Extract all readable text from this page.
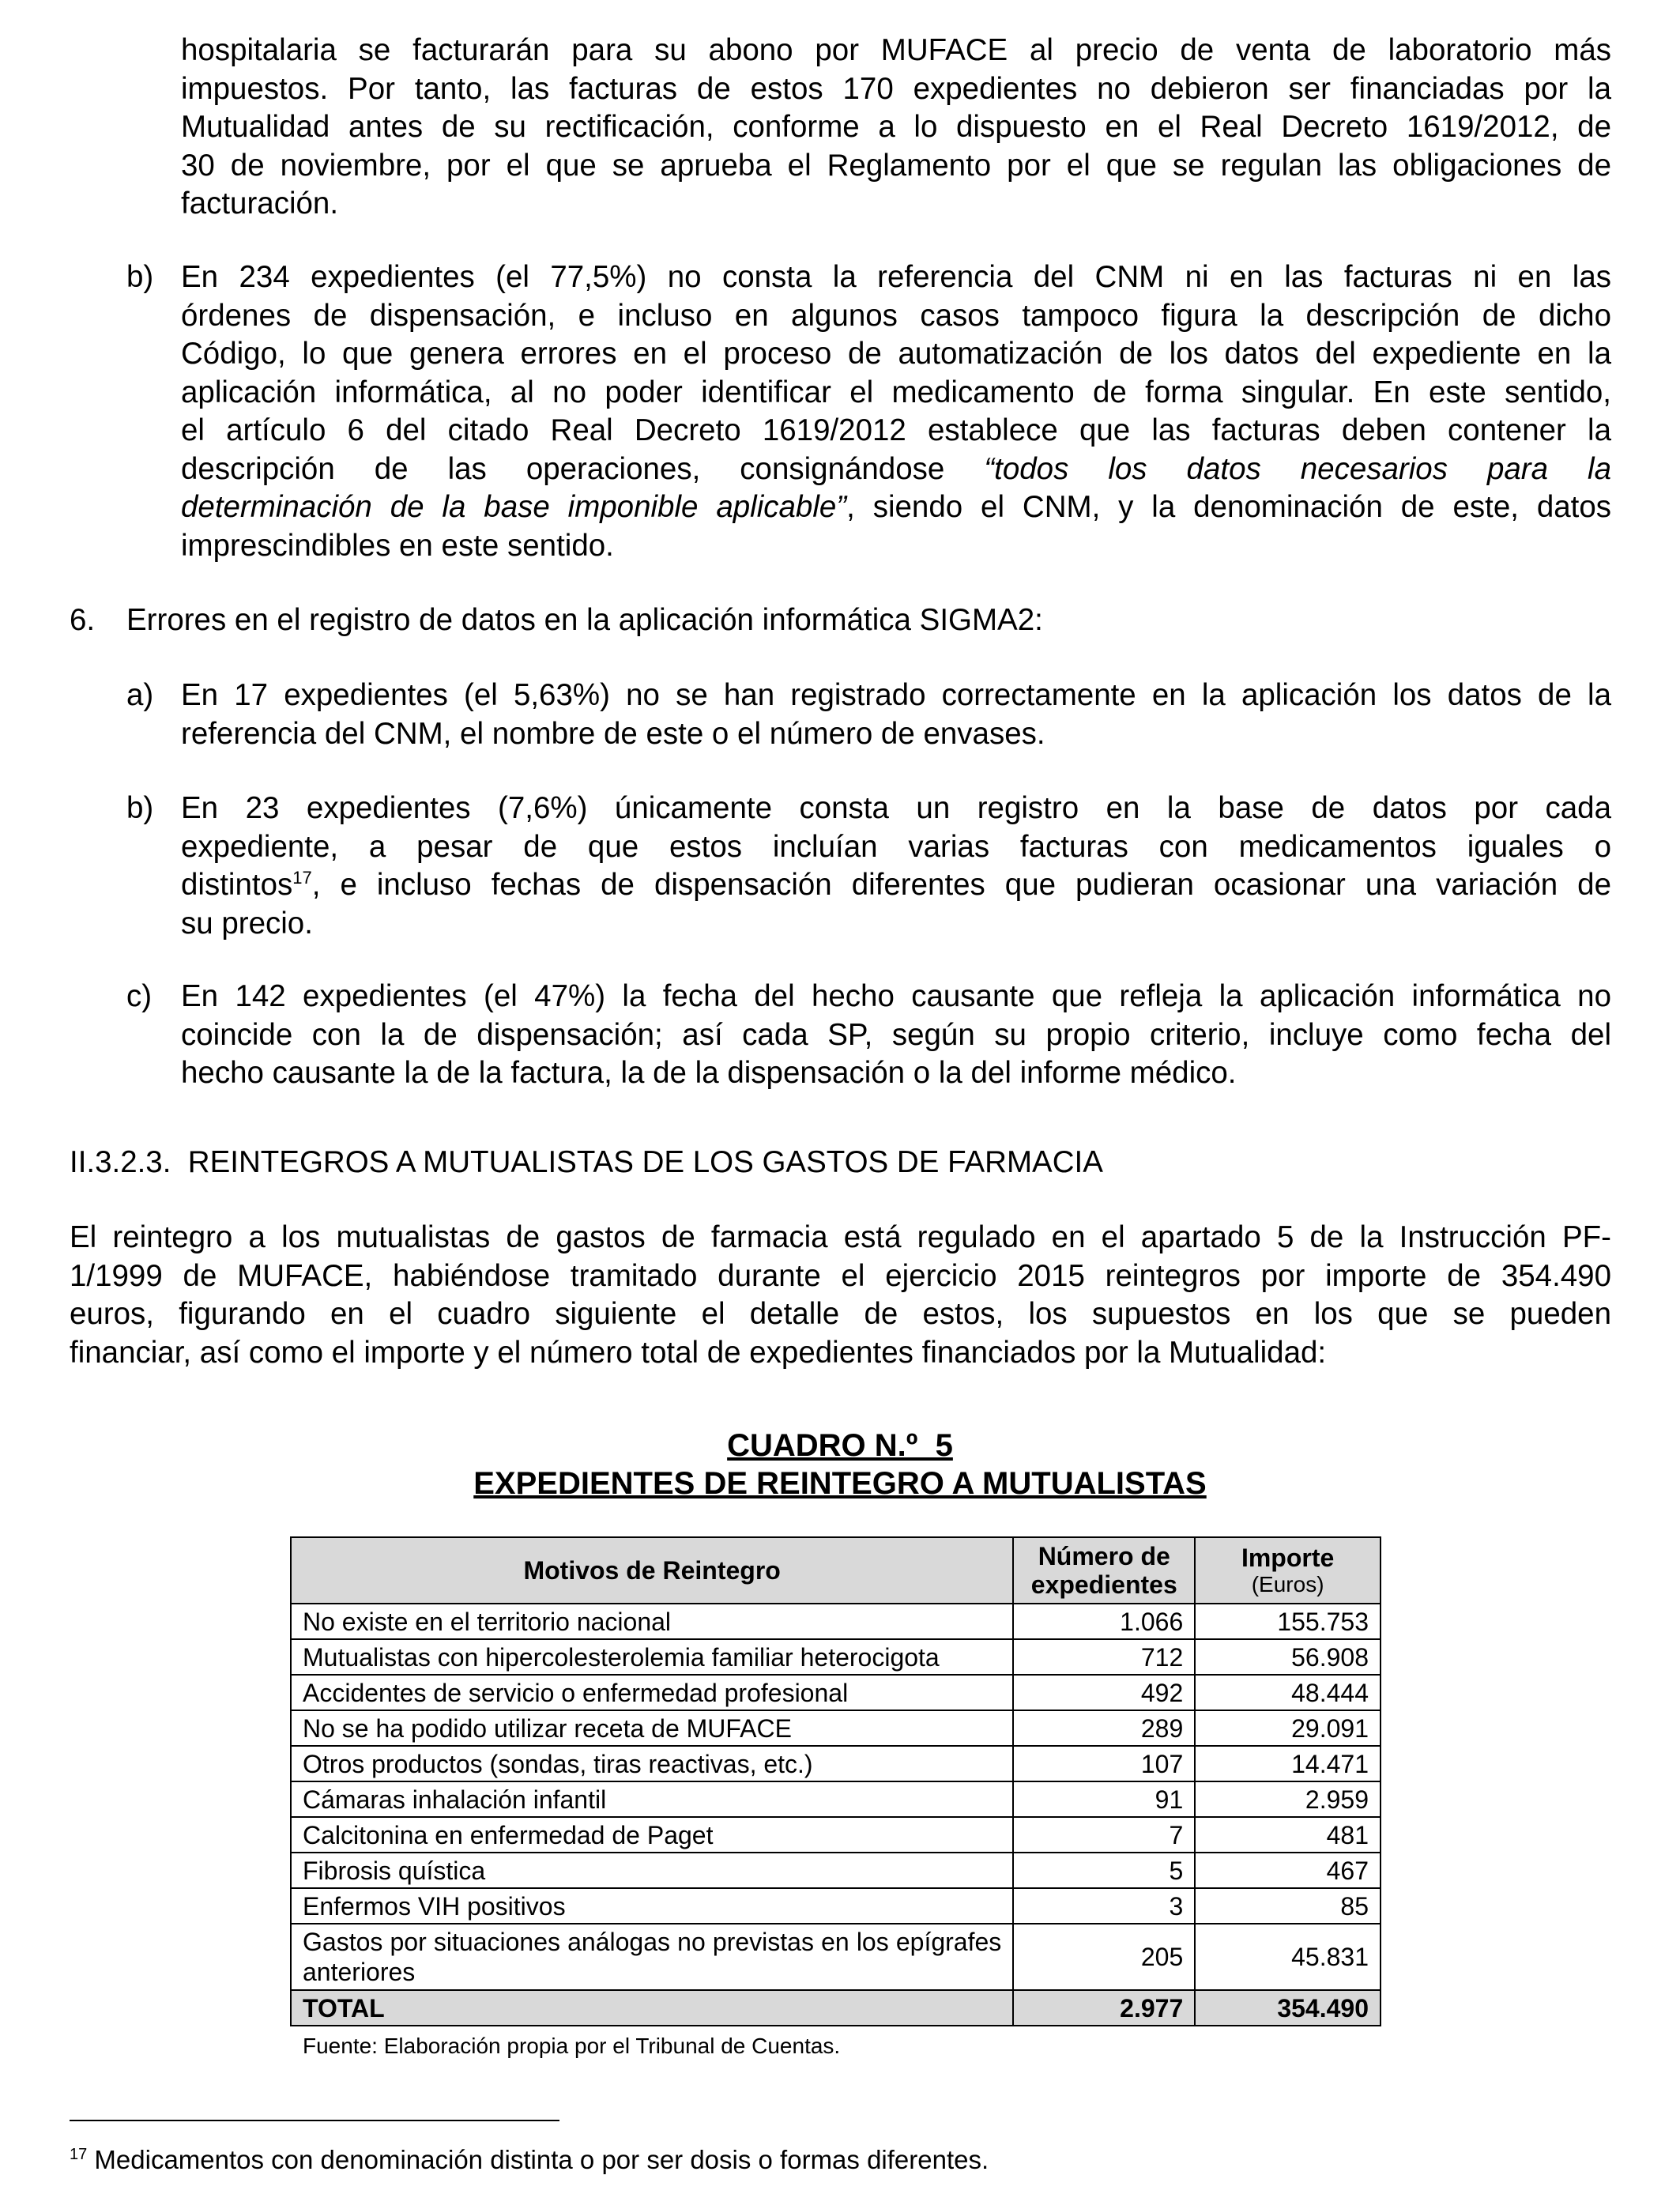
hospitalaria se facturarán para su abono por MUFACE al precio de venta de laboratorio más
impuestos. Por tanto, las facturas de estos 170 expedientes no debieron ser financiadas por la
Mutualidad antes de su rectificación, conforme a lo dispuesto en el Real Decreto 1619/2012, de
30 de noviembre, por el que se aprueba el Reglamento por el que se regulan las obligaciones de
facturación.
b) En 234 expedientes (el 77,5%) no consta la referencia del CNM ni en las facturas ni en las
órdenes de dispensación, e incluso en algunos casos tampoco figura la descripción de dicho
Código, lo que genera errores en el proceso de automatización de los datos del expediente en la
aplicación informática, al no poder identificar el medicamento de forma singular. En este sentido,
el artículo 6 del citado Real Decreto 1619/2012 establece que las facturas deben contener la
descripción de las operaciones, consignándose “todos los datos necesarios para la
determinación de la base imponible aplicable”, siendo el CNM, y la denominación de este, datos
imprescindibles en este sentido.
6. Errores en el registro de datos en la aplicación informática SIGMA2:
a) En 17 expedientes (el 5,63%) no se han registrado correctamente en la aplicación los datos de la
referencia del CNM, el nombre de este o el número de envases.
b) En 23 expedientes (7,6%) únicamente consta un registro en la base de datos por cada
expediente, a pesar de que estos incluían varias facturas con medicamentos iguales o
distintos$^{17}$, e incluso fechas de dispensación diferentes que pudieran ocasionar una variación de
su precio.
c) En 142 expedientes (el 47%) la fecha del hecho causante que refleja la aplicación informática no
coincide con la de dispensación; así cada SP, según su propio criterio, incluye como fecha del
hecho causante la de la factura, la de la dispensación o la del informe médico.
II.3.2.3.  REINTEGROS A MUTUALISTAS DE LOS GASTOS DE FARMACIA
El reintegro a los mutualistas de gastos de farmacia está regulado en el apartado 5 de la Instrucción PF-
1/1999 de MUFACE, habiéndose tramitado durante el ejercicio 2015 reintegros por importe de 354.490
euros, figurando en el cuadro siguiente el detalle de estos, los supuestos en los que se pueden
financiar, así como el importe y el número total de expedientes financiados por la Mutualidad:
CUADRO N.º  5
EXPEDIENTES DE REINTEGRO A MUTUALISTAS
Motivos de Reintegro	Número de expedientes	Importe
(Euros)

No existe en el territorio nacional	1.066	155.753
Mutualistas con hipercolesterolemia familiar heterocigota	712	56.908
Accidentes de servicio o enfermedad profesional	492	48.444
No se ha podido utilizar receta de MUFACE	289	29.091
Otros productos (sondas, tiras reactivas, etc.)	107	14.471
Cámaras inhalación infantil	91	2.959
Calcitonina en enfermedad de Paget	7	481
Fibrosis quística	5	467
Enfermos VIH positivos	3	85
Gastos por situaciones análogas no previstas en los epígrafes anteriores	205	45.831
TOTAL	2.977	354.490
Fuente: Elaboración propia por el Tribunal de Cuentas.
$^{17}$ Medicamentos con denominación distinta o por ser dosis o formas diferentes.
